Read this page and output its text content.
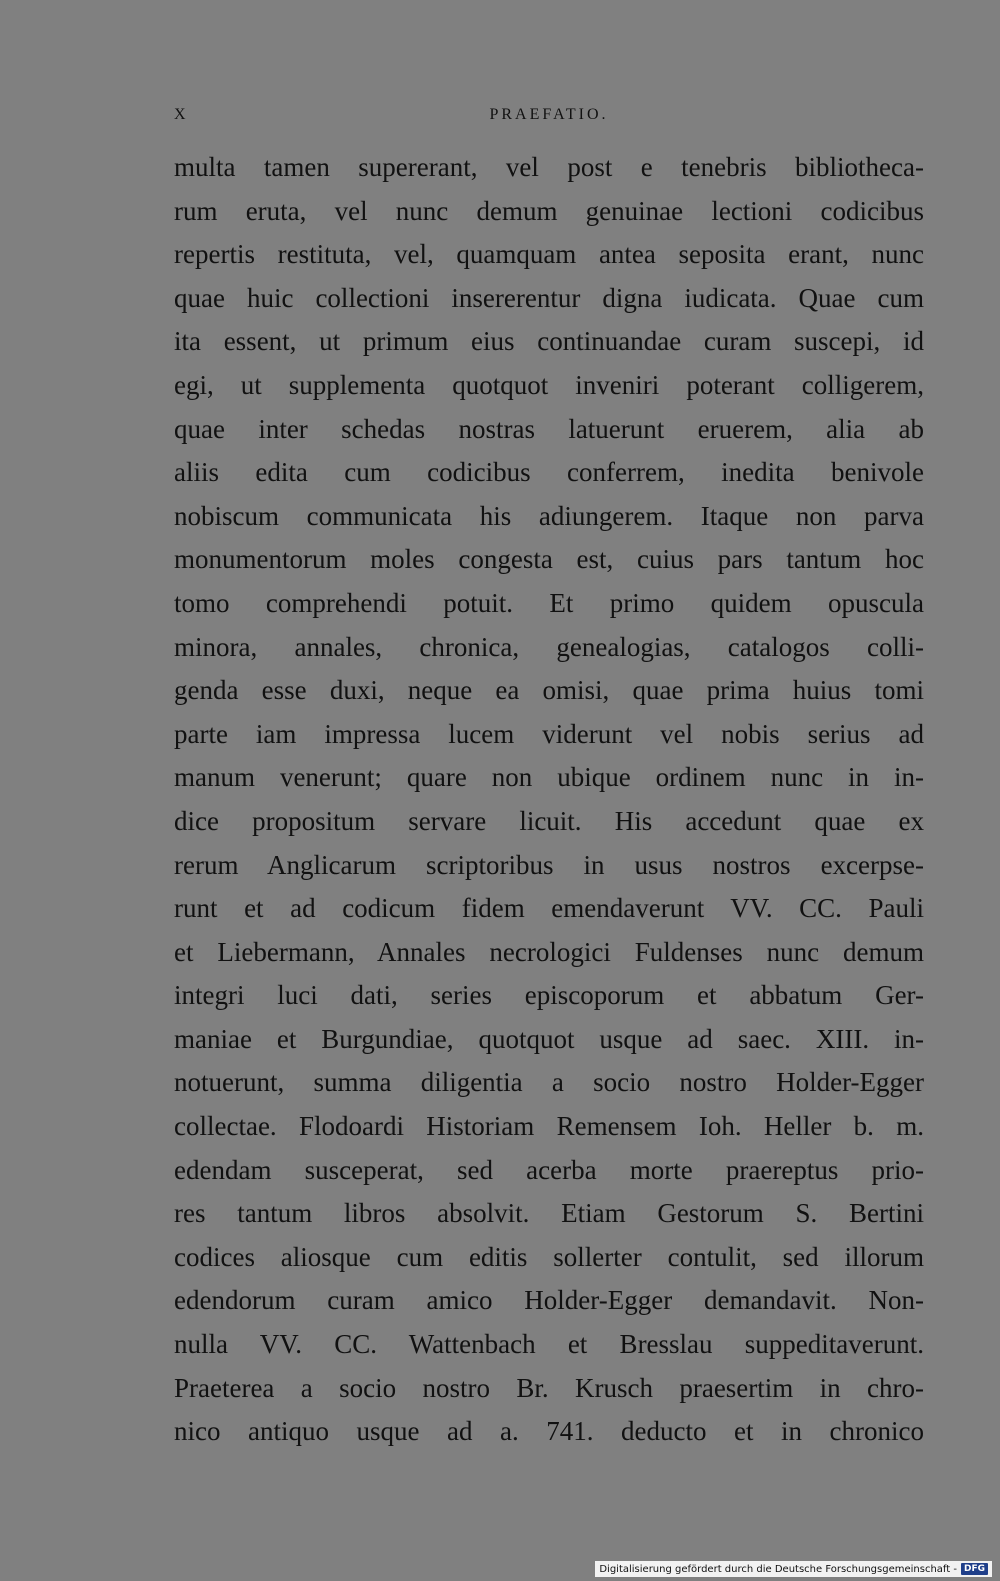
X	PRAEFATIO.
multa tamen supererant, vel post e tenebris bibliotheca-
rum eruta, vel nunc demum genuinae lectioni codicibus
repertis restituta, vel, quamquam antea seposita erant, nunc
quae huic collectioni insererentur digna iudicata. Quae cum
ita essent, ut primum eius continuandae curam suscepi, id
egi, ut supplementa quotquot inveniri poterant colligerem,
quae inter schedas nostras latuerunt eruerem, alia ab
aliis edita cum codicibus conferrem, inedita benivole
nobiscum communicata his adiungerem. Itaque non parva
monumentorum moles congesta est, cuius pars tantum hoc
tomo comprehendi potuit. Et primo quidem opuscula
minora, annales, chronica, genealogias, catalogos colli-
genda esse duxi, neque ea omisi, quae prima huius tomi
parte iam impressa lucem viderunt vel nobis serius ad
manum venerunt; quare non ubique ordinem nunc in in-
dice propositum servare licuit. His accedunt quae ex
rerum Anglicarum scriptoribus in usus nostros excerpse-
runt et ad codicum fidem emendaverunt VV. CC. Pauli
et Liebermann, Annales necrologici Fuldenses nunc demum
integri luci dati, series episcoporum et abbatum Ger-
maniae et Burgundiae, quotquot usque ad saec. XIII. in-
notuerunt, summa diligentia a socio nostro Holder-Egger
collectae. Flodoardi Historiam Remensem Ioh. Heller b. m.
edendam susceperat, sed acerba morte praereptus prio-
res tantum libros absolvit. Etiam Gestorum S. Bertini
codices aliosque cum editis sollerter contulit, sed illorum
edendorum curam amico Holder-Egger demandavit. Non-
nulla VV. CC. Wattenbach et Bresslau suppeditaverunt.
Praeterea a socio nostro Br. Krusch praesertim in chro-
nico antiquo usque ad a. 741. deducto et in chronico
Digitalisierung gefördert durch die Deutsche Forschungsgemeinschaft - DFG
